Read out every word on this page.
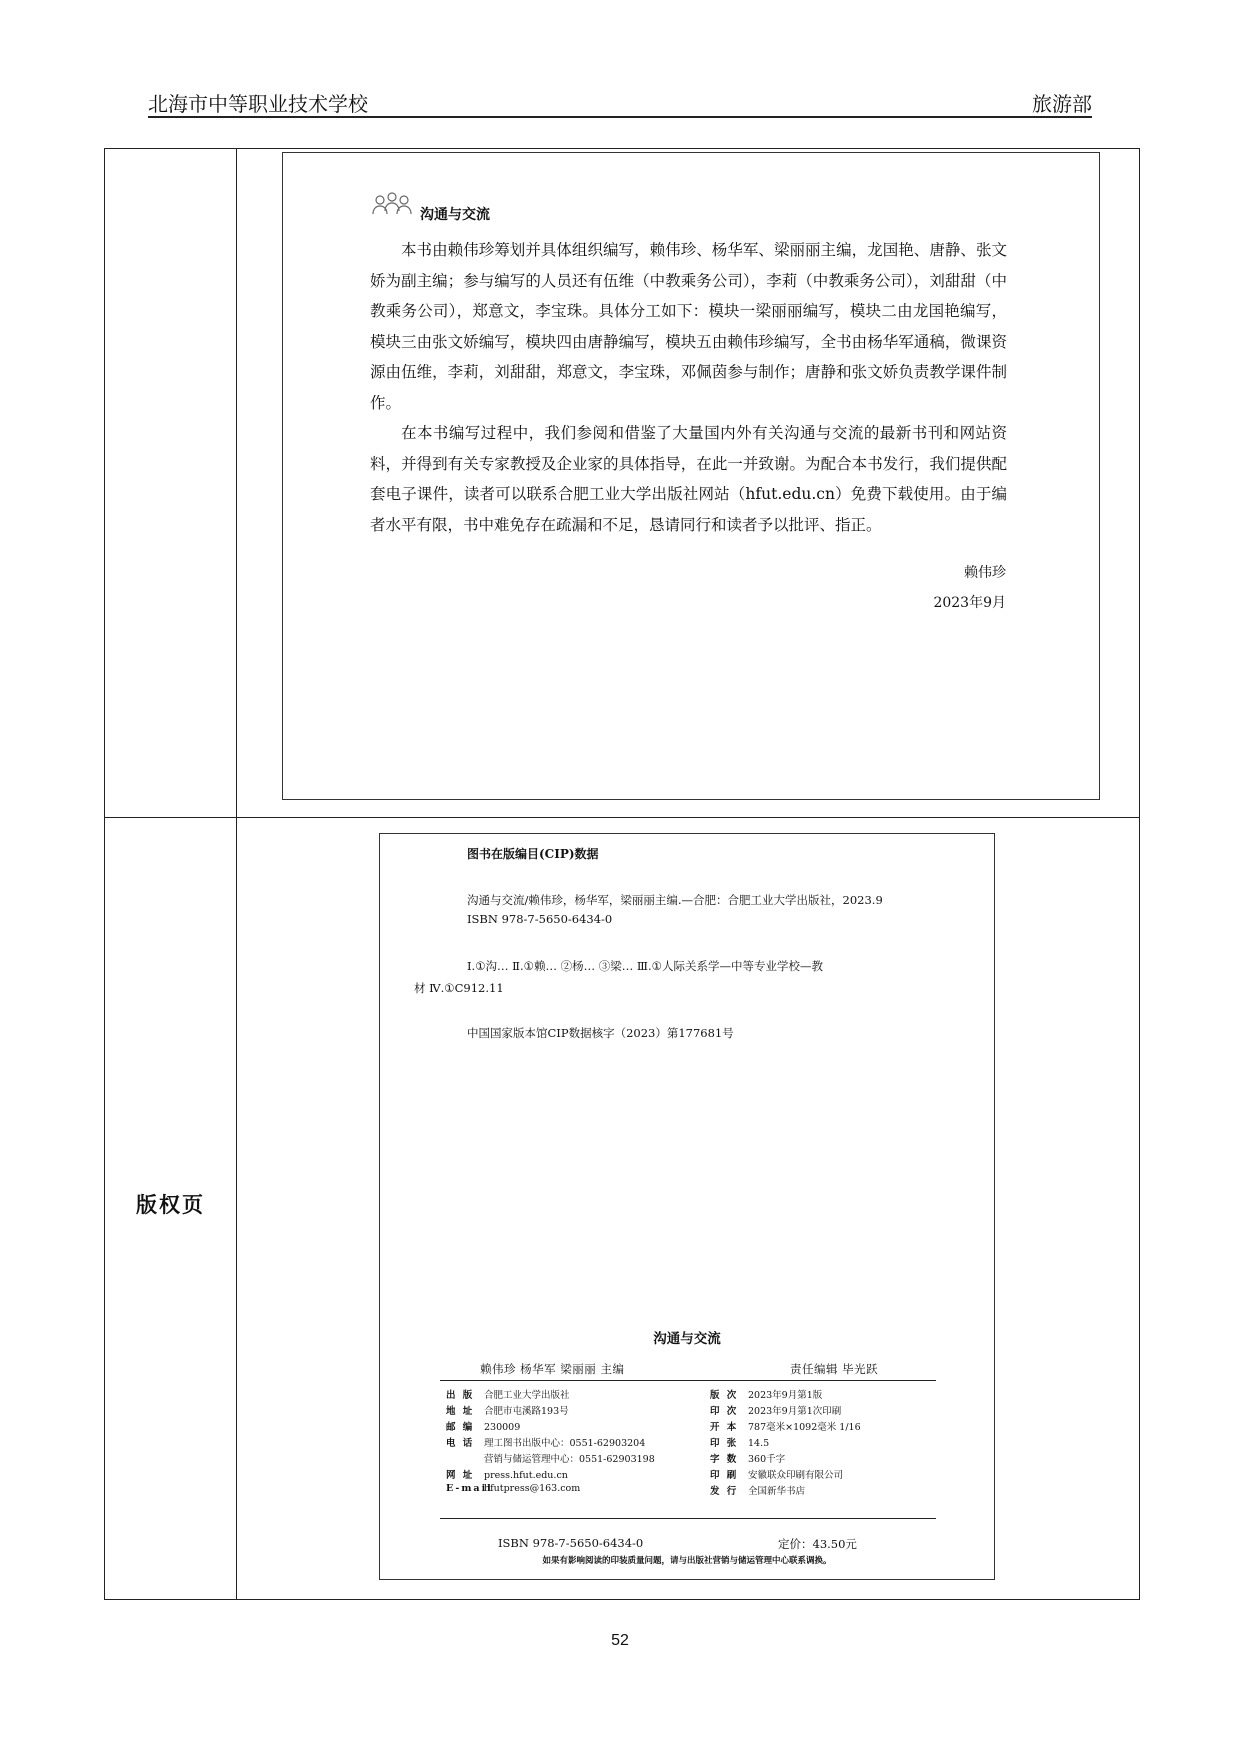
北海市中等职业技术学校	旅游部
版权页
沟通与交流

本书由赖伟珍筹划并具体组织编写，赖伟珍、杨华军、梁丽丽主编，龙国艳、唐静、张文娇为副主编；参与编写的人员还有伍维（中教乘务公司），李莉（中教乘务公司），刘甜甜（中教乘务公司），郑意文，李宝珠。具体分工如下：模块一梁丽丽编写，模块二由龙国艳编写，模块三由张文娇编写，模块四由唐静编写，模块五由赖伟珍编写，全书由杨华军通稿，微课资源由伍维，李莉，刘甜甜，郑意文，李宝珠，邓佩茵参与制作；唐静和张文娇负责教学课件制作。

在本书编写过程中，我们参阅和借鉴了大量国内外有关沟通与交流的最新书刊和网站资料，并得到有关专家教授及企业家的具体指导，在此一并致谢。为配合本书发行，我们提供配套电子课件，读者可以联系合肥工业大学出版社网站（hfut.edu.cn）免费下载使用。由于编者水平有限，书中难免存在疏漏和不足，恳请同行和读者予以批评、指正。

赖伟珍
2023年9月
图书在版编目(CIP)数据
沟通与交流/赖伟珍，杨华军，梁丽丽主编.—合肥：合肥工业大学出版社，2023.9
ISBN 978-7-5650-6434-0
Ⅰ.①沟… Ⅱ.①赖… ②杨… ③梁… Ⅲ.①人际关系学—中等专业学校—教
材 Ⅳ.①C912.11
中国国家版本馆CIP数据核字（2023）第177681号
沟通与交流
赖伟珍 杨华军 梁丽丽 主编	责任编辑 毕光跃
出 版 合肥工业大学出版社
地 址 合肥市屯溪路193号
邮 编 230009
电 话 理工图书出版中心：0551-62903204
营销与储运管理中心：0551-62903198
网 址 press.hfut.edu.cn
E-mailhfutpress@163.com
版 次 2023年9月第1版
印 次 2023年9月第1次印刷
开 本 787毫米×1092毫米 1/16
印 张 14.5
字 数 360千字
印 刷 安徽联众印刷有限公司
发 行 全国新华书店
ISBN 978-7-5650-6434-0	定价：43.50元
如果有影响阅读的印装质量问题，请与出版社营销与储运管理中心联系调换。
52
